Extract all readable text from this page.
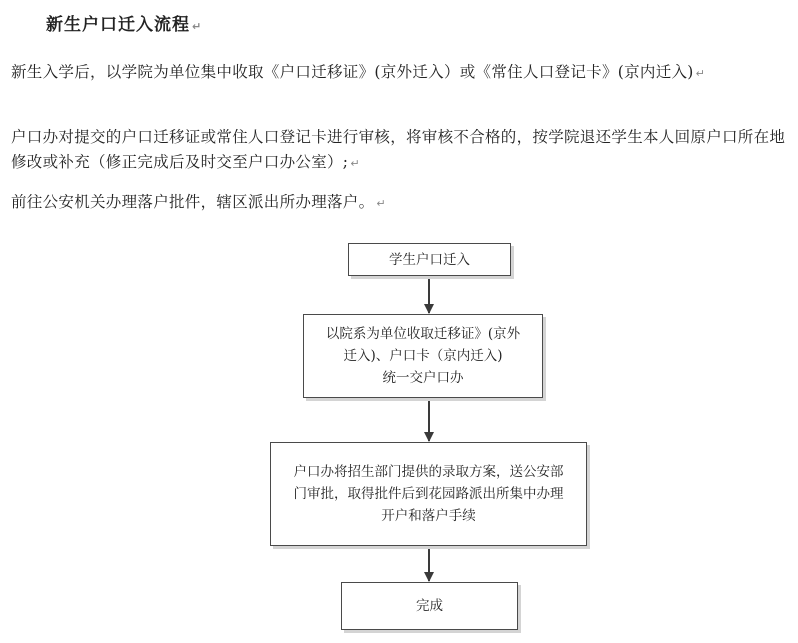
新生户口迁入流程 ↵
新生入学后，以学院为单位集中收取《户口迁移证》(京外迁入）或《常住人口登记卡》(京内迁入) ↵
户口办对提交的户口迁移证或常住人口登记卡进行审核，将审核不合格的，按学院退还学生本人回原户口所在地修改或补充（修正完成后及时交至户口办公室）; ↵
前往公安机关办理落户批件，辖区派出所办理落户。 ↵
学生户口迁入
以院系为单位收取迁移证》(京外
迁入)、户口卡（京内迁入)
统一交户口办
户口办将招生部门提供的录取方案，送公安部
门审批，取得批件后到花园路派出所集中办理
开户和落户手续
完成
